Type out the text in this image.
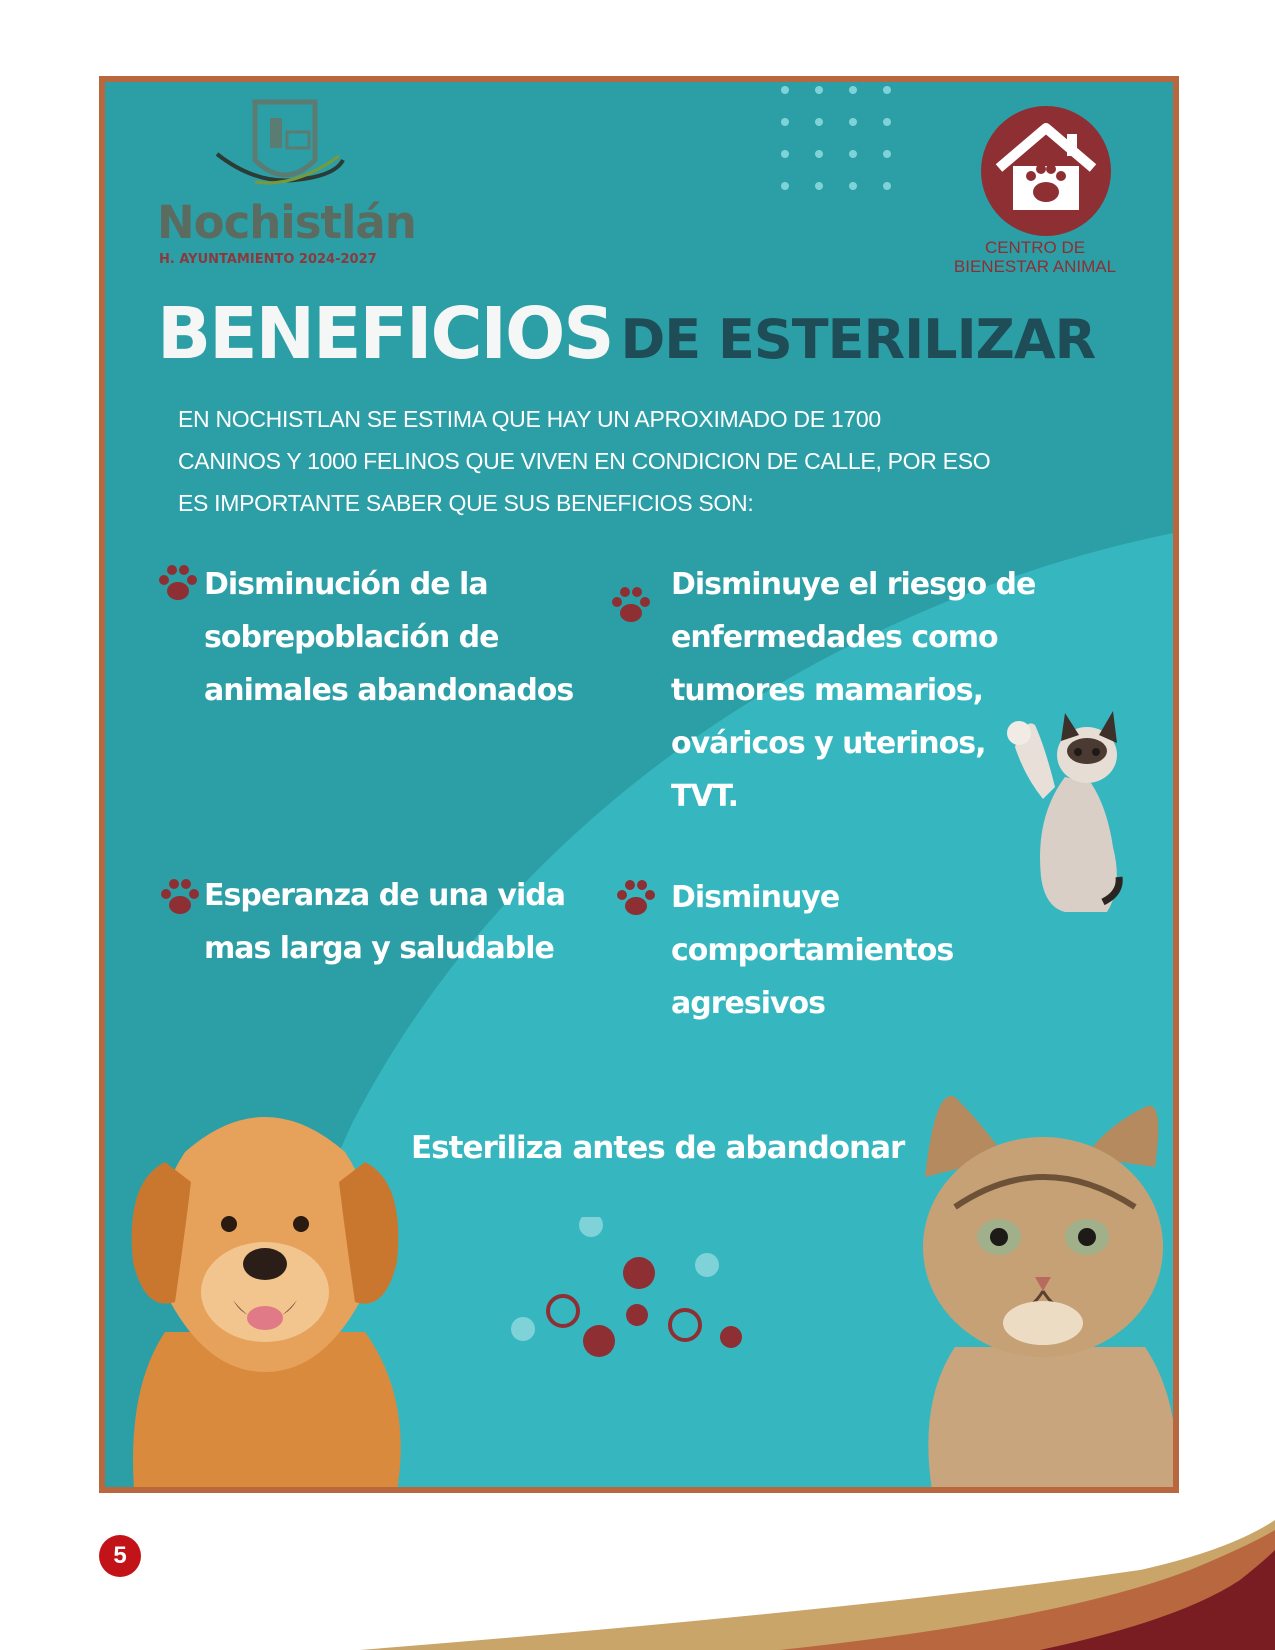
Nochistlán
H. AYUNTAMIENTO 2024-2027
CENTRO DE
BIENESTAR ANIMAL
BENEFICIOS DE ESTERILIZAR
EN NOCHISTLAN SE ESTIMA QUE HAY UN APROXIMADO DE 1700
CANINOS Y 1000 FELINOS QUE VIVEN EN CONDICION DE CALLE, POR ESO
ES IMPORTANTE SABER QUE SUS BENEFICIOS SON:
Disminución de la
sobrepoblación de
animales abandonados
Disminuye el riesgo de
enfermedades como
tumores mamarios,
ováricos y uterinos,
TVT.
Esperanza de una vida
mas larga y saludable
Disminuye
comportamientos
agresivos
Esteriliza antes de abandonar
5
